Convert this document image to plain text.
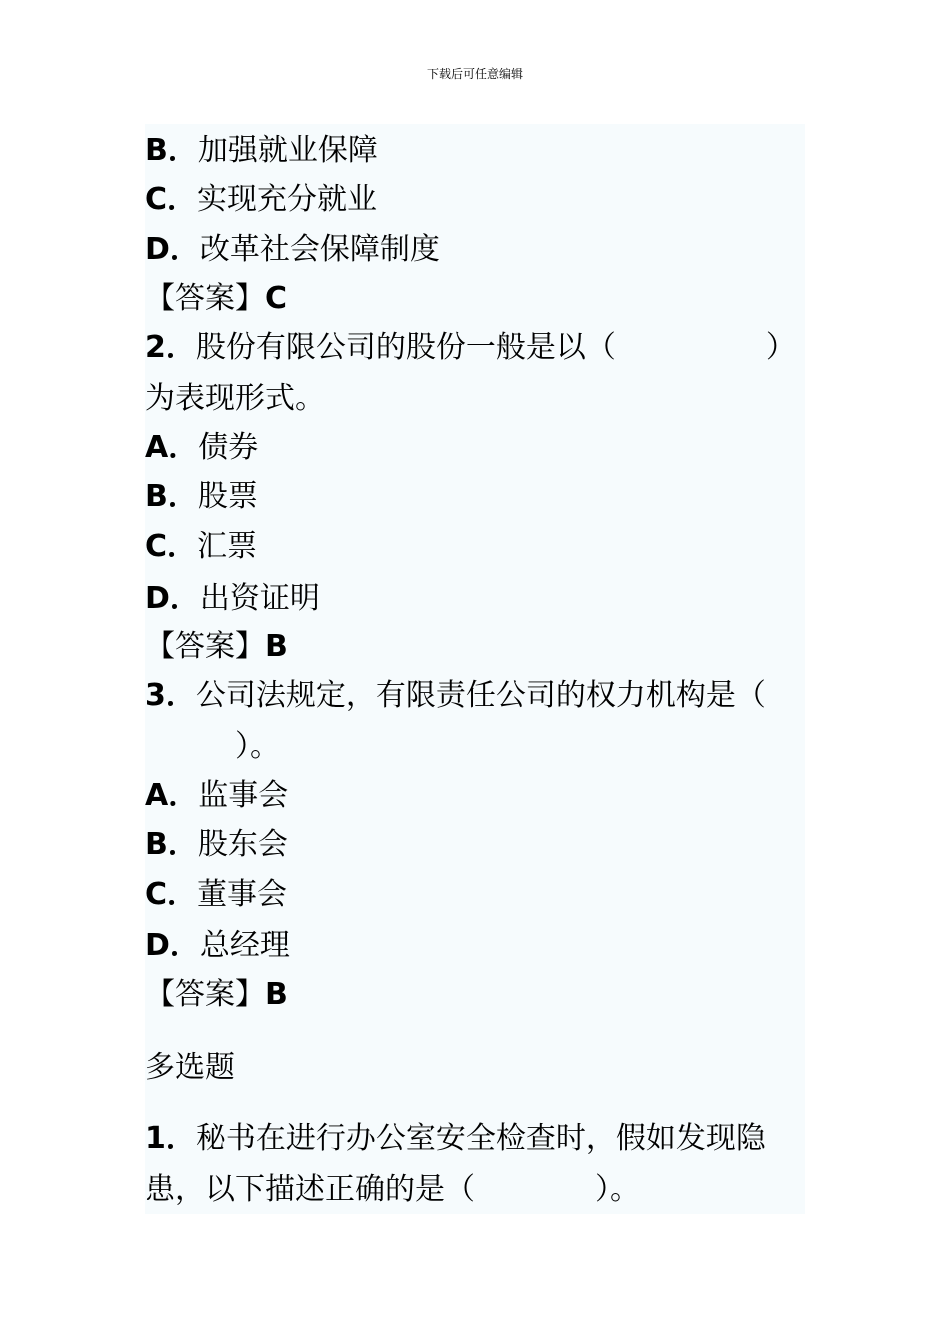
下载后可任意编辑
B．加强就业保障
C．实现充分就业
D．改革社会保障制度
【答案】C
2．股份有限公司的股份一般是以（　　　　　）
为表现形式。
A．债券
B．股票
C．汇票
D．出资证明
【答案】B
3．公司法规定，有限责任公司的权力机构是（
　　　）。
A．监事会
B．股东会
C．董事会
D．总经理
【答案】B
多选题
1．秘书在进行办公室安全检查时，假如发现隐
患，以下描述正确的是（　　　　）。
